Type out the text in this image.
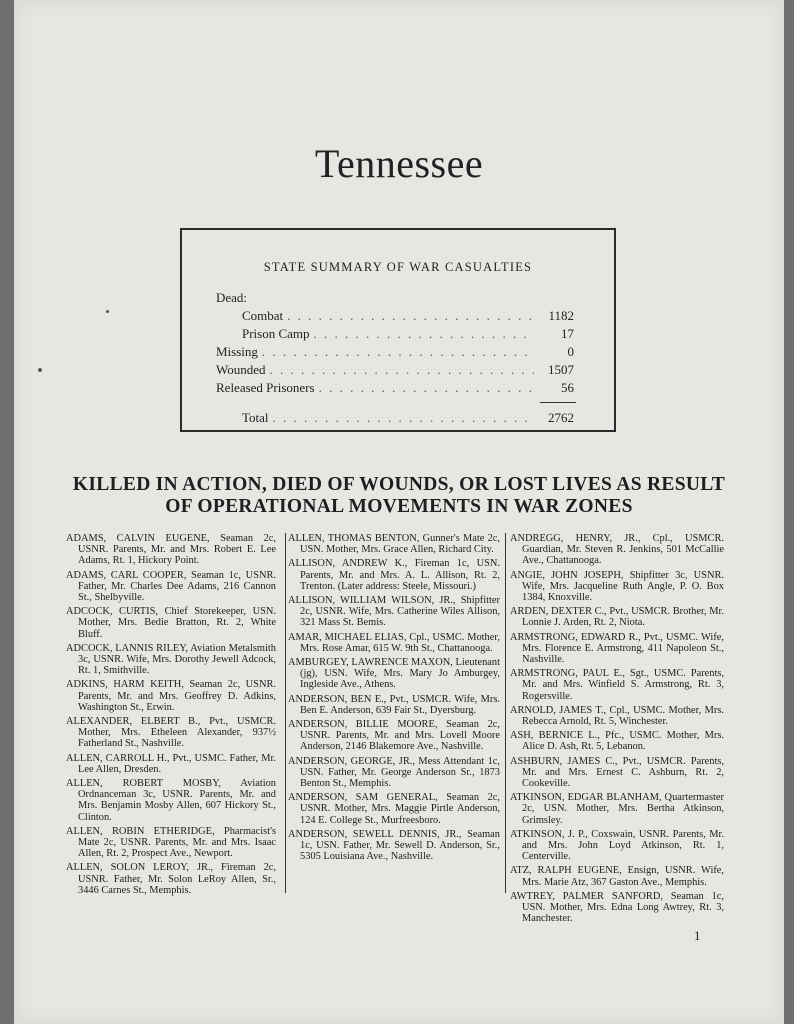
Tennessee
STATE SUMMARY OF WAR CASUALTIES
Dead:
Combat . . .	1182
Prison Camp . . .	17
Missing . . .	0
Wounded . . .	1507
Released Prisoners . . .	56
Total . . .	2762
KILLED IN ACTION, DIED OF WOUNDS, OR LOST LIVES AS RESULT
OF OPERATIONAL MOVEMENTS IN WAR ZONES
ADAMS, CALVIN EUGENE, Seaman 2c, USNR. Parents, Mr. and Mrs. Robert E. Lee Adams, Rt. 1, Hickory Point.
ADAMS, CARL COOPER, Seaman 1c, USNR. Father, Mr. Charles Dee Adams, 216 Cannon St., Shelbyville.
ADCOCK, CURTIS, Chief Storekeeper, USN. Mother, Mrs. Bedie Bratton, Rt. 2, White Bluff.
ADCOCK, LANNIS RILEY, Aviation Metalsmith 3c, USNR. Wife, Mrs. Dorothy Jewell Adcock, Rt. 1, Smithville.
ADKINS, HARM KEITH, Seaman 2c, USNR. Parents, Mr. and Mrs. Geoffrey D. Adkins, Washington St., Erwin.
ALEXANDER, ELBERT B., Pvt., USMCR. Mother, Mrs. Etheleen Alexander, 937½ Fatherland St., Nashville.
ALLEN, CARROLL H., Pvt., USMC. Father, Mr. Lee Allen, Dresden.
ALLEN, ROBERT MOSBY, Aviation Ordnanceman 3c, USNR. Parents, Mr. and Mrs. Benjamin Mosby Allen, 607 Hickory St., Clinton.
ALLEN, ROBIN ETHERIDGE, Pharmacist's Mate 2c, USNR. Parents, Mr. and Mrs. Isaac Allen, Rt. 2, Prospect Ave., Newport.
ALLEN, SOLON LEROY, JR., Fireman 2c, USNR. Father, Mr. Solon LeRoy Allen, Sr., 3446 Carnes St., Memphis.
ALLEN, THOMAS BENTON, Gunner's Mate 2c, USN. Mother, Mrs. Grace Allen, Richard City.
ALLISON, ANDREW K., Fireman 1c, USN. Parents, Mr. and Mrs. A. L. Allison, Rt. 2, Trenton. (Later address: Steele, Missouri.)
ALLISON, WILLIAM WILSON, JR., Shipfitter 2c, USNR. Wife, Mrs. Catherine Wiles Allison, 321 Mass St. Bemis.
AMAR, MICHAEL ELIAS, Cpl., USMC. Mother, Mrs. Rose Amar, 615 W. 9th St., Chattanooga.
AMBURGEY, LAWRENCE MAXON, Lieutenant (jg), USN. Wife, Mrs. Mary Jo Amburgey, Ingleside Ave., Athens.
ANDERSON, BEN E., Pvt., USMCR. Wife, Mrs. Ben E. Anderson, 639 Fair St., Dyersburg.
ANDERSON, BILLIE MOORE, Seaman 2c, USNR. Parents, Mr. and Mrs. Lovell Moore Anderson, 2146 Blakemore Ave., Nashville.
ANDERSON, GEORGE, JR., Mess Attendant 1c, USN. Father, Mr. George Anderson Sr., 1873 Benton St., Memphis.
ANDERSON, SAM GENERAL, Seaman 2c, USNR. Mother, Mrs. Maggie Pirtle Anderson, 124 E. College St., Murfreesboro.
ANDERSON, SEWELL DENNIS, JR., Seaman 1c, USN. Father, Mr. Sewell D. Anderson, Sr., 5305 Louisiana Ave., Nashville.
ANDREGG, HENRY, JR., Cpl., USMCR. Guardian, Mr. Steven R. Jenkins, 501 McCallie Ave., Chattanooga.
ANGIE, JOHN JOSEPH, Shipfitter 3c, USNR. Wife, Mrs. Jacqueline Ruth Angle, P. O. Box 1384, Knoxville.
ARDEN, DEXTER C., Pvt., USMCR. Brother, Mr. Lonnie J. Arden, Rt. 2, Niota.
ARMSTRONG, EDWARD R., Pvt., USMC. Wife, Mrs. Florence E. Armstrong, 411 Napoleon St., Nashville.
ARMSTRONG, PAUL E., Sgt., USMC. Parents, Mr. and Mrs. Winfield S. Armstrong, Rt. 3, Rogersville.
ARNOLD, JAMES T., Cpl., USMC. Mother, Mrs. Rebecca Arnold, Rt. 5, Winchester.
ASH, BERNICE L., Pfc., USMC. Mother, Mrs. Alice D. Ash, Rt. 5, Lebanon.
ASHBURN, JAMES C., Pvt., USMCR. Parents, Mr. and Mrs. Ernest C. Ashburn, Rt. 2, Cookeville.
ATKINSON, EDGAR BLANHAM, Quartermaster 2c, USN. Mother, Mrs. Bertha Atkinson, Grimsley.
ATKINSON, J. P., Coxswain, USNR. Parents, Mr. and Mrs. John Loyd Atkinson, Rt. 1, Centerville.
ATZ, RALPH EUGENE, Ensign, USNR. Wife, Mrs. Marie Atz, 367 Gaston Ave., Memphis.
AWTREY, PALMER SANFORD, Seaman 1c, USN. Mother, Mrs. Edna Long Awtrey, Rt. 3, Manchester.
1
